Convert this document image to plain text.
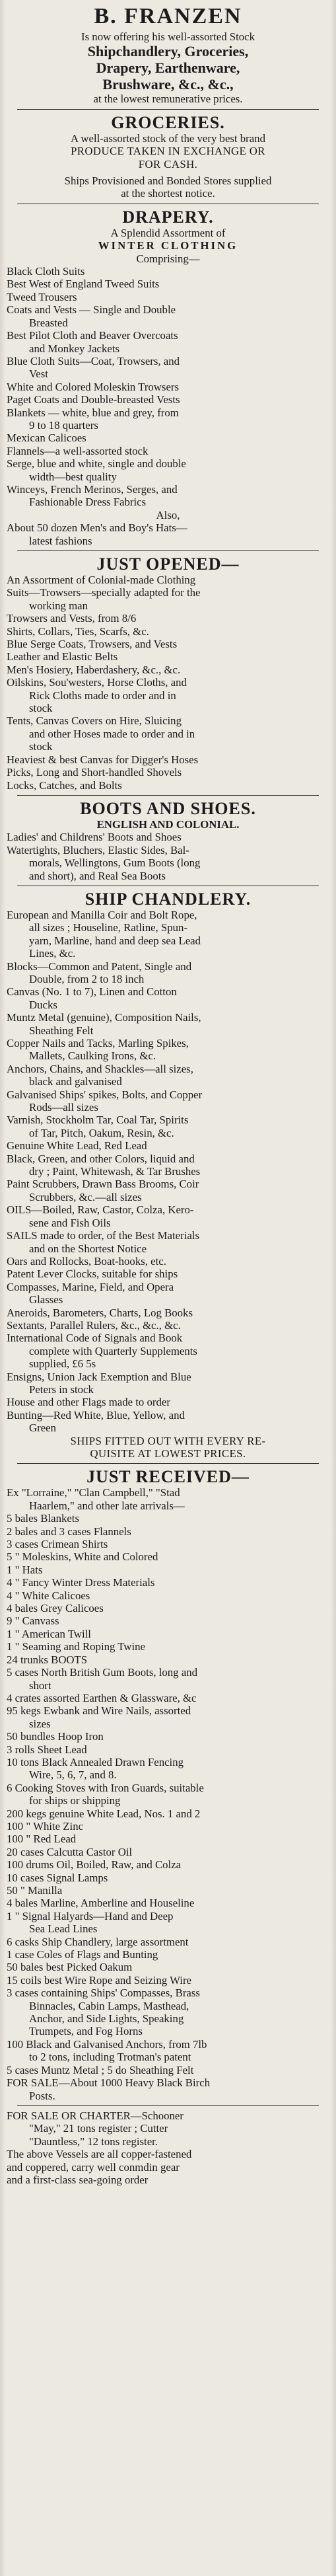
B. FRANZEN
Is now offering his well-assorted Stock
Shipchandlery, Groceries,
Drapery, Earthenware,
Brushware, &c., &c.,
at the lowest remunerative prices.
GROCERIES.
A well-assorted stock of the very best brand
PRODUCE TAKEN IN EXCHANGE OR
FOR CASH.
Ships Provisioned and Bonded Stores supplied
at the shortest notice.
DRAPERY.
A Splendid Assortment of
WINTER CLOTHING
Comprising—
Black Cloth Suits
Best West of England Tweed Suits
Tweed Trousers
Coats and Vests — Single and Double
Breasted
Best Pilot Cloth and Beaver Overcoats
and Monkey Jackets
Blue Cloth Suits—Coat, Trowsers, and
Vest
White and Colored Moleskin Trowsers
Paget Coats and Double-breasted Vests
Blankets — white, blue and grey, from
9 to 18 quarters
Mexican Calicoes
Flannels—a well-assorted stock
Serge, blue and white, single and double
width—best quality
Winceys, French Merinos, Serges, and
Fashionable Dress Fabrics
Also,
About 50 dozen Men's and Boy's Hats—
latest fashions
JUST OPENED—
An Assortment of Colonial-made Clothing
Suits—Trowsers—specially adapted for the
working man
Trowsers and Vests, from 8/6
Shirts, Collars, Ties, Scarfs, &c.
Blue Serge Coats, Trowsers, and Vests
Leather and Elastic Belts
Men's Hosiery, Haberdashery, &c., &c.
Oilskins, Sou'westers, Horse Cloths, and
Rick Cloths made to order and in
stock
Tents, Canvas Covers on Hire, Sluicing
and other Hoses made to order and in
stock
Heaviest & best Canvas for Digger's Hoses
Picks, Long and Short-handled Shovels
Locks, Catches, and Bolts
BOOTS AND SHOES.
ENGLISH AND COLONIAL.
Ladies' and Childrens' Boots and Shoes
Watertights, Bluchers, Elastic Sides, Bal-
morals, Wellingtons, Gum Boots (long
and short), and Real Sea Boots
SHIP CHANDLERY.
European and Manilla Coir and Bolt Rope,
all sizes ; Houseline, Ratline, Spun-
yarn, Marline, hand and deep sea Lead
Lines, &c.
Blocks—Common and Patent, Single and
Double, from 2 to 18 inch
Canvas (No. 1 to 7), Linen and Cotton
Ducks
Muntz Metal (genuine), Composition Nails,
Sheathing Felt
Copper Nails and Tacks, Marling Spikes,
Mallets, Caulking Irons, &c.
Anchors, Chains, and Shackles—all sizes,
black and galvanised
Galvanised Ships' spikes, Bolts, and Copper
Rods—all sizes
Varnish, Stockholm Tar, Coal Tar, Spirits
of Tar, Pitch, Oakum, Resin, &c.
Genuine White Lead, Red Lead
Black, Green, and other Colors, liquid and
dry ; Paint, Whitewash, & Tar Brushes
Paint Scrubbers, Drawn Bass Brooms, Coir
Scrubbers, &c.—all sizes
OILS—Boiled, Raw, Castor, Colza, Kero-
sene and Fish Oils
SAILS made to order, of the Best Materials
and on the Shortest Notice
Oars and Rollocks, Boat-hooks, etc.
Patent Lever Clocks, suitable for ships
Compasses, Marine, Field, and Opera
Glasses
Aneroids, Barometers, Charts, Log Books
Sextants, Parallel Rulers, &c., &c., &c.
International Code of Signals and Book
complete with Quarterly Supplements
supplied, £6 5s
Ensigns, Union Jack Exemption and Blue
Peters in stock
House and other Flags made to order
Bunting—Red White, Blue, Yellow, and
Green
SHIPS FITTED OUT WITH EVERY RE-
QUISITE AT LOWEST PRICES.
JUST RECEIVED—
Ex "Lorraine," "Clan Campbell," "Stad
Haarlem," and other late arrivals—
5 bales Blankets
2 bales and 3 cases Flannels
3 cases Crimean Shirts
5 " Moleskins, White and Colored
1 " Hats
4 " Fancy Winter Dress Materials
4 " White Calicoes
4 bales Grey Calicoes
9 " Canvass
1 " American Twill
1 " Seaming and Roping Twine
24 trunks BOOTS
5 cases North British Gum Boots, long and
short
4 crates assorted Earthen & Glassware, &c
95 kegs Ewbank and Wire Nails, assorted
sizes
50 bundles Hoop Iron
3 rolls Sheet Lead
10 tons Black Annealed Drawn Fencing
Wire, 5, 6, 7, and 8.
6 Cooking Stoves with Iron Guards, suitable
for ships or shipping
200 kegs genuine White Lead, Nos. 1 and 2
100 " White Zinc
100 " Red Lead
20 cases Calcutta Castor Oil
100 drums Oil, Boiled, Raw, and Colza
10 cases Signal Lamps
50 " Manilla
4 bales Marline, Amberline and Houseline
1 " Signal Halyards—Hand and Deep
Sea Lead Lines
6 casks Ship Chandlery, large assortment
1 case Coles of Flags and Bunting
50 bales best Picked Oakum
15 coils best Wire Rope and Seizing Wire
3 cases containing Ships' Compasses, Brass
Binnacles, Cabin Lamps, Masthead,
Anchor, and Side Lights, Speaking
Trumpets, and Fog Horns
100 Black and Galvanised Anchors, from 7lb
to 2 tons, including Trotman's patent
5 cases Muntz Metal ; 5 do Sheathing Felt
FOR SALE—About 1000 Heavy Black Birch
Posts.
FOR SALE OR CHARTER—Schooner
"May," 21 tons register ; Cutter
"Dauntless," 12 tons register.
The above Vessels are all copper-fastened
and coppered, carry well conmdin gear
and a first-class sea-going order
